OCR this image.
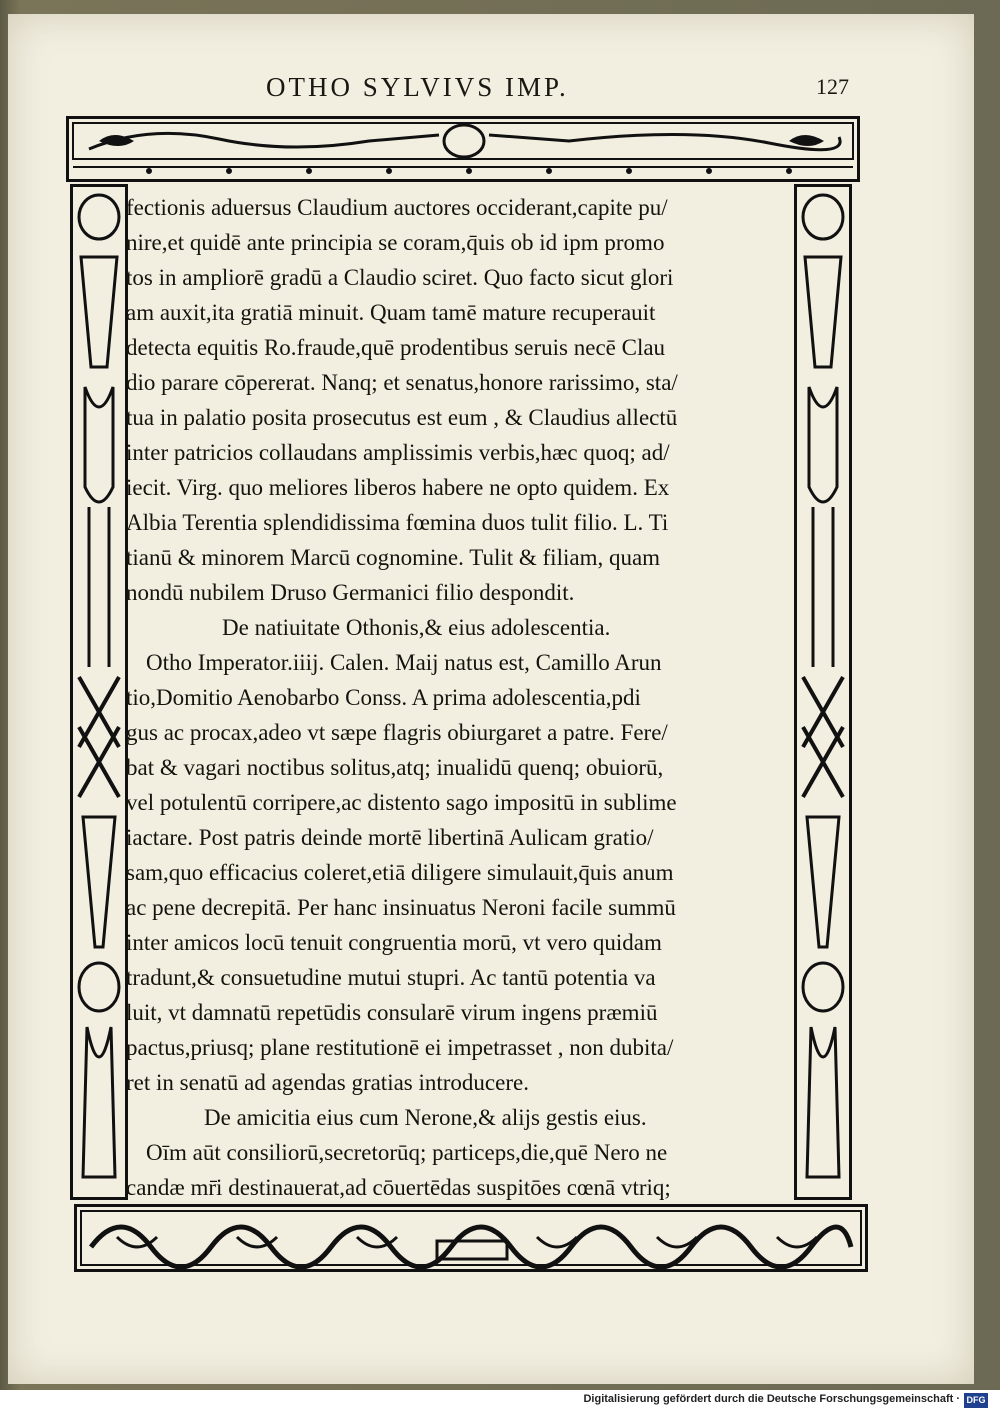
OTHO SYLVIVS IMP.	127
fectionis aduersus Claudium auctores occiderant,capite pu/
nire,et quidē ante principia se coram,q̄uis ob id ipm promo
tos in ampliorē gradū a Claudio sciret. Quo facto sicut glori
am auxit,ita gratiā minuit. Quam tamē mature recuperauit
detecta equitis Ro.fraude,quē prodentibus seruis necē Clau
dio parare cōpererat. Nanq; et senatus,honore rarissimo, sta/
tua in palatio posita prosecutus est eum , & Claudius allectū
inter patricios collaudans amplissimis verbis,hæc quoq; ad/
iecit. Virg. quo meliores liberos habere ne opto quidem. Ex
Albia Terentia splendidissima fœmina duos tulit filio. L. Ti
tianū & minorem Marcū cognomine. Tulit & filiam, quam
nondū nubilem Druso Germanici filio despondit.
De natiuitate Othonis,& eius adolescentia.
Otho Imperator.iiij. Calen. Maij natus est, Camillo Arun
tio,Domitio Aenobarbo Conss. A prima adolescentia,pdi
gus ac procax,adeo vt sæpe flagris obiurgaret a patre. Fere/
bat & vagari noctibus solitus,atq; inualidū quenq; obuiorū,
vel potulentū corripere,ac distento sago impositū in sublime
iactare. Post patris deinde mortē libertinā Aulicam gratio/
sam,quo efficacius coleret,etiā diligere simulauit,q̄uis anum
ac pene decrepitā. Per hanc insinuatus Neroni facile summū
inter amicos locū tenuit congruentia morū, vt vero quidam
tradunt,& consuetudine mutui stupri. Ac tantū potentia va
luit, vt damnatū repetūdis consularē virum ingens præmiū
pactus,priusq; plane restitutionē ei impetrasset , non dubita/
ret in senatū ad agendas gratias introducere.
De amicitia eius cum Nerone,& alijs gestis eius.
Oīm aūt consiliorū,secretorūq; particeps,die,quē Nero ne
candæ mr̄i destinauerat,ad cōuertēdas suspitōes cœnā vtriq;
Digitalisierung gefördert durch die Deutsche Forschungsgemeinschaft · DFG
